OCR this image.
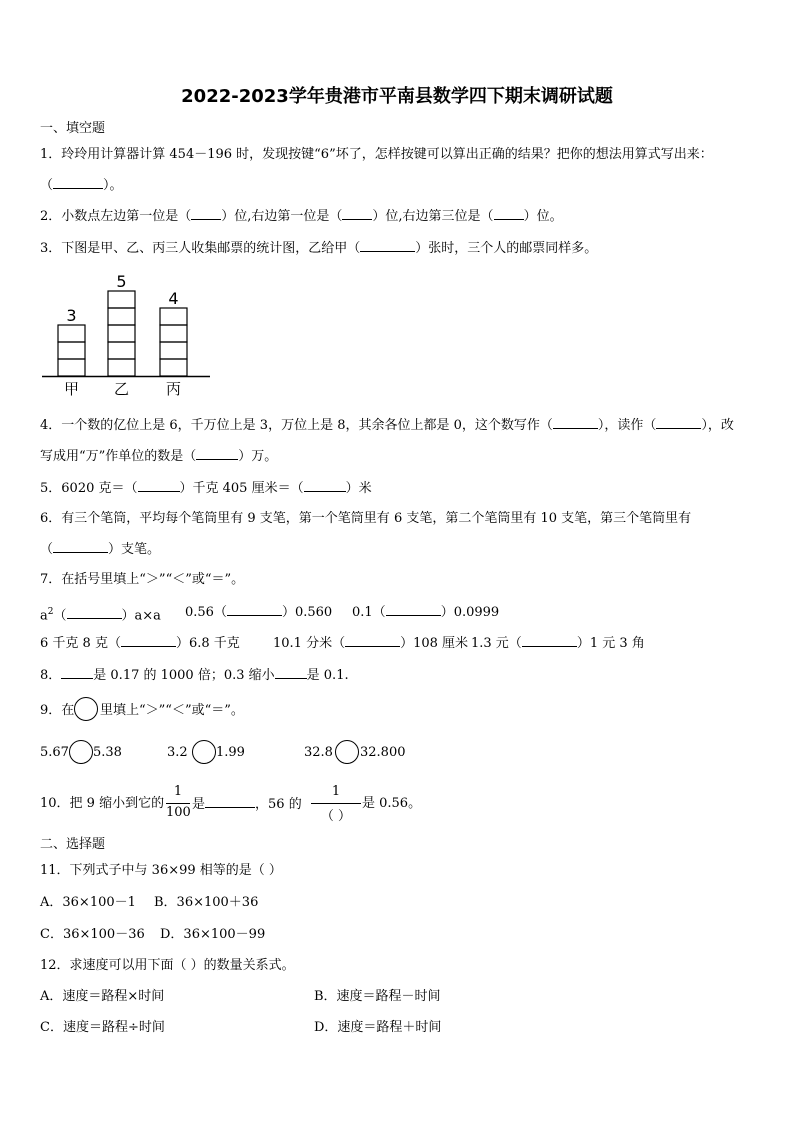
2022-2023学年贵港市平南县数学四下期末调研试题
一、填空题
1．玲玲用计算器计算 454－196 时，发现按键“6”坏了，怎样按键可以算出正确的结果？把你的想法用算式写出来：
（	）。
2．小数点左边第一位是（ ）位,右边第一位是（ ）位,右边第三位是（ ）位。
3．下图是甲、乙、丙三人收集邮票的统计图，乙给甲（	）张时，三个人的邮票同样多。
3
甲
5
乙
4
丙
4．一个数的亿位上是 6，千万位上是 3，万位上是 8，其余各位上都是 0，这个数写作（	），读作（	），改
写成用“万”作单位的数是（	）万。
5．6020 克＝（	）千克 405 厘米＝（	）米
6．有三个笔筒，平均每个笔筒里有 9 支笔，第一个笔筒里有 6 支笔，第二个笔筒里有 10 支笔，第三个笔筒里有
（	）支笔。
7．在括号里填上“＞”“＜”或“＝”。
$a^2$（	）a×a 0.56（	）0.560 0.1（	）0.0999
6 千克 8 克（	）6.8 千克	10.1 分米（	）108 厘米 1.3 元（	）1 元 3 角
8． 是 0.17 的 1000 倍；0.3 缩小 是 0.1.
9．在 里填上“＞”“＜”或“＝”。
5.67 5.38	3.2 1.99	32.8 32.800
10．把 9 缩小到它的
1
100
是	，56 的
1
（ ）
是 0.56。
二、选择题
11．下列式子中与 36×99 相等的是（ ）
A．36×100－1 B．36×100＋36
C．36×100－36 D．36×100－99
12．求速度可以用下面（ ）的数量关系式。
A．速度＝路程×时间	B．速度＝路程－时间
C．速度＝路程÷时间	D．速度＝路程＋时间
